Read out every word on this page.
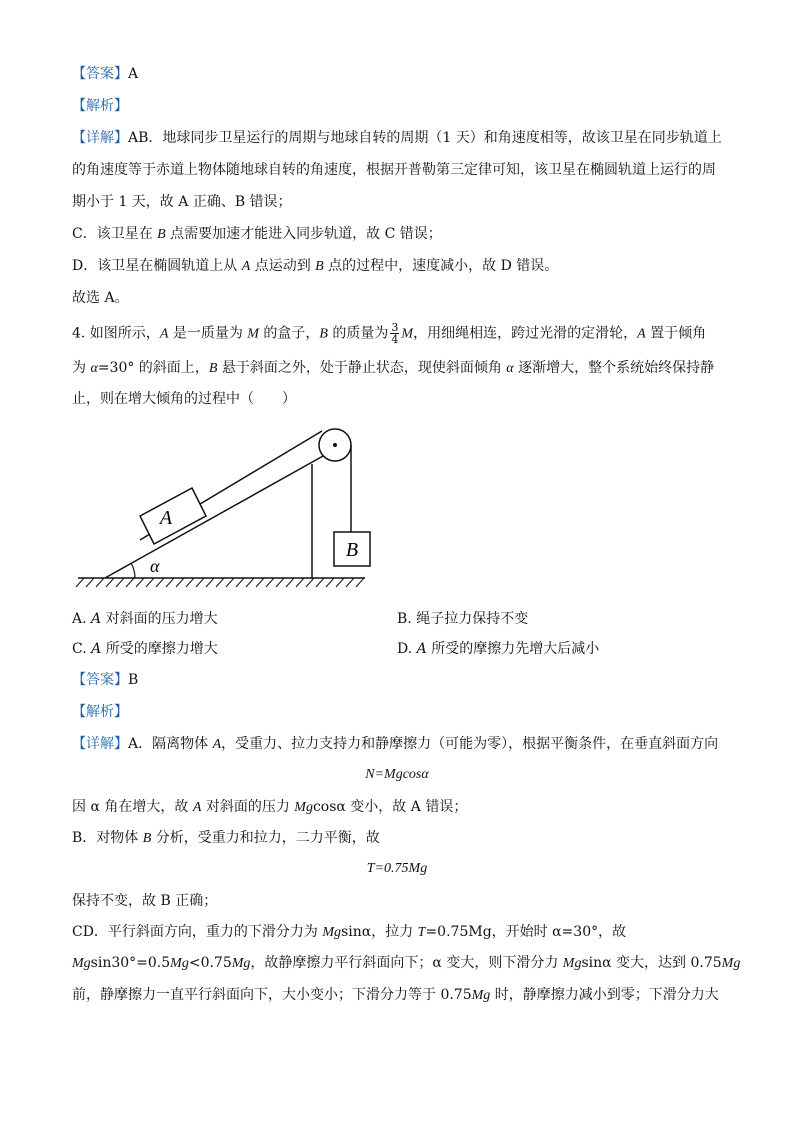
【答案】A
【解析】
【详解】AB．地球同步卫星运行的周期与地球自转的周期（1 天）和角速度相等，故该卫星在同步轨道上
的角速度等于赤道上物体随地球自转的角速度，根据开普勒第三定律可知，该卫星在椭圆轨道上运行的周
期小于 1 天，故 A 正确、B 错误；
C．该卫星在 B 点需要加速才能进入同步轨道，故 C 错误；
D．该卫星在椭圆轨道上从 A 点运动到 B 点的过程中，速度减小，故 D 错误。
故选 A。
4. 如图所示，A 是一质量为 M 的盒子，B 的质量为 $\frac{3}{4}$ M，用细绳相连，跨过光滑的定滑轮，A 置于倾角
为 α=30° 的斜面上，B 悬于斜面之外，处于静止状态，现使斜面倾角 α 逐渐增大，整个系统始终保持静
止，则在增大倾角的过程中（　　）
A
B
α
A. A 对斜面的压力增大	B. 绳子拉力保持不变
C. A 所受的摩擦力增大	D. A 所受的摩擦力先增大后减小
【答案】B
【解析】
【详解】A．隔离物体 A，受重力、拉力支持力和静摩擦力（可能为零），根据平衡条件，在垂直斜面方向
N=Mgcosα
因 α 角在增大，故 A 对斜面的压力 Mgcosα 变小，故 A 错误；
B．对物体 B 分析，受重力和拉力，二力平衡，故
T=0.75Mg
保持不变，故 B 正确；
CD．平行斜面方向，重力的下滑分力为 Mgsinα，拉力 T=0.75Mg，开始时 α=30°，故
Mgsin30°=0.5Mg<0.75Mg，故静摩擦力平行斜面向下；α 变大，则下滑分力 Mgsinα 变大，达到 0.75Mg
前，静摩擦力一直平行斜面向下，大小变小；下滑分力等于 0.75Mg 时，静摩擦力减小到零；下滑分力大
